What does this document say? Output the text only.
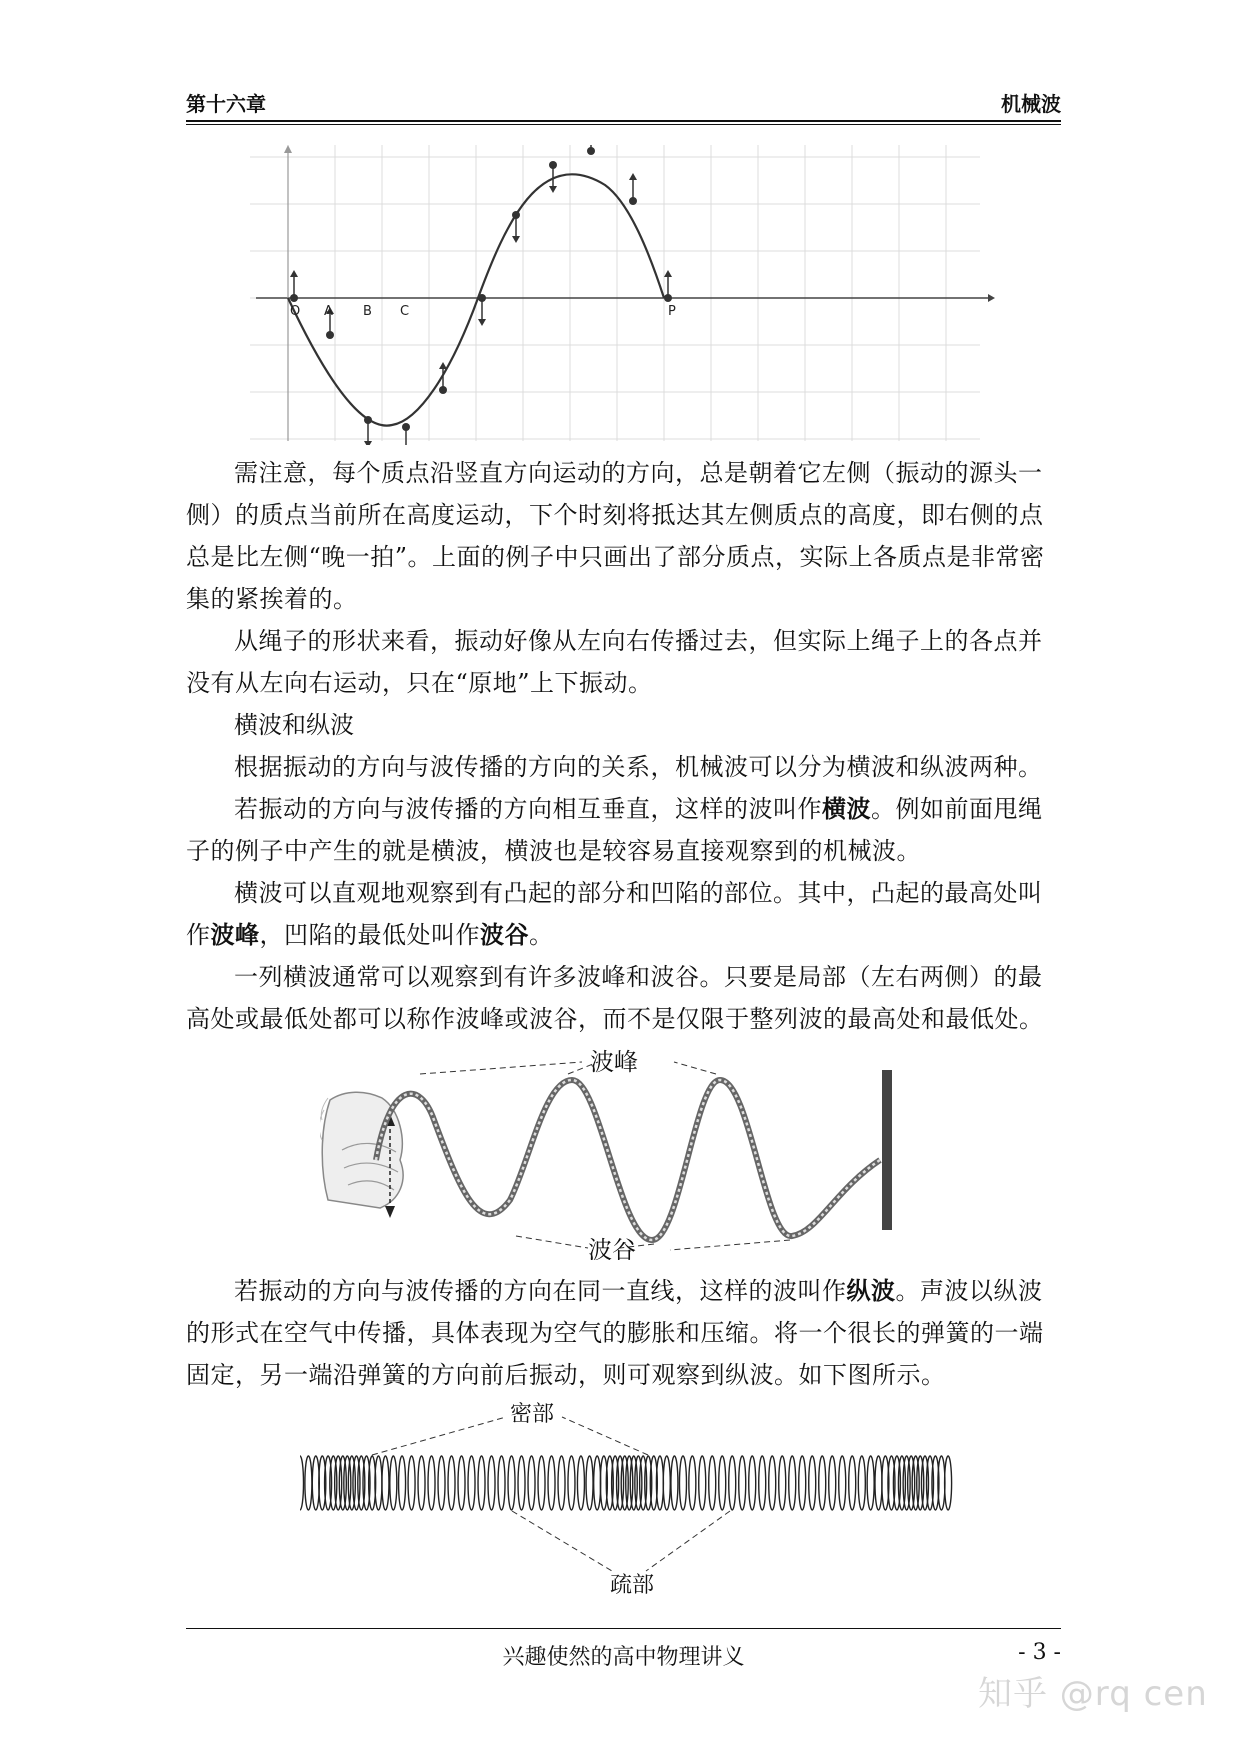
第十六章	机械波
O A B C	P

需注意，每个质点沿竖直方向运动的方向，总是朝着它左侧（振动的源头一侧）的质点当前所在高度运动，下个时刻将抵达其左侧质点的高度，即右侧的点总是比左侧“晚一拍”。上面的例子中只画出了部分质点，实际上各质点是非常密集的紧挨着的。

从绳子的形状来看，振动好像从左向右传播过去，但实际上绳子上的各点并没有从左向右运动，只在“原地”上下振动。

横波和纵波

根据振动的方向与波传播的方向的关系，机械波可以分为横波和纵波两种。

若振动的方向与波传播的方向相互垂直，这样的波叫作横波。例如前面甩绳子的例子中产生的就是横波，横波也是较容易直接观察到的机械波。

横波可以直观地观察到有凸起的部分和凹陷的部位。其中，凸起的最高处叫作波峰，凹陷的最低处叫作波谷。

一列横波通常可以观察到有许多波峰和波谷。只要是局部（左右两侧）的最高处或最低处都可以称作波峰或波谷，而不是仅限于整列波的最高处和最低处。

波峰
波谷

若振动的方向与波传播的方向在同一直线，这样的波叫作纵波。声波以纵波的形式在空气中传播，具体表现为空气的膨胀和压缩。将一个很长的弹簧的一端固定，另一端沿弹簧的方向前后振动，则可观察到纵波。如下图所示。

密部
疏部
兴趣使然的高中物理讲义	- 3 -
知乎 @rq cen
